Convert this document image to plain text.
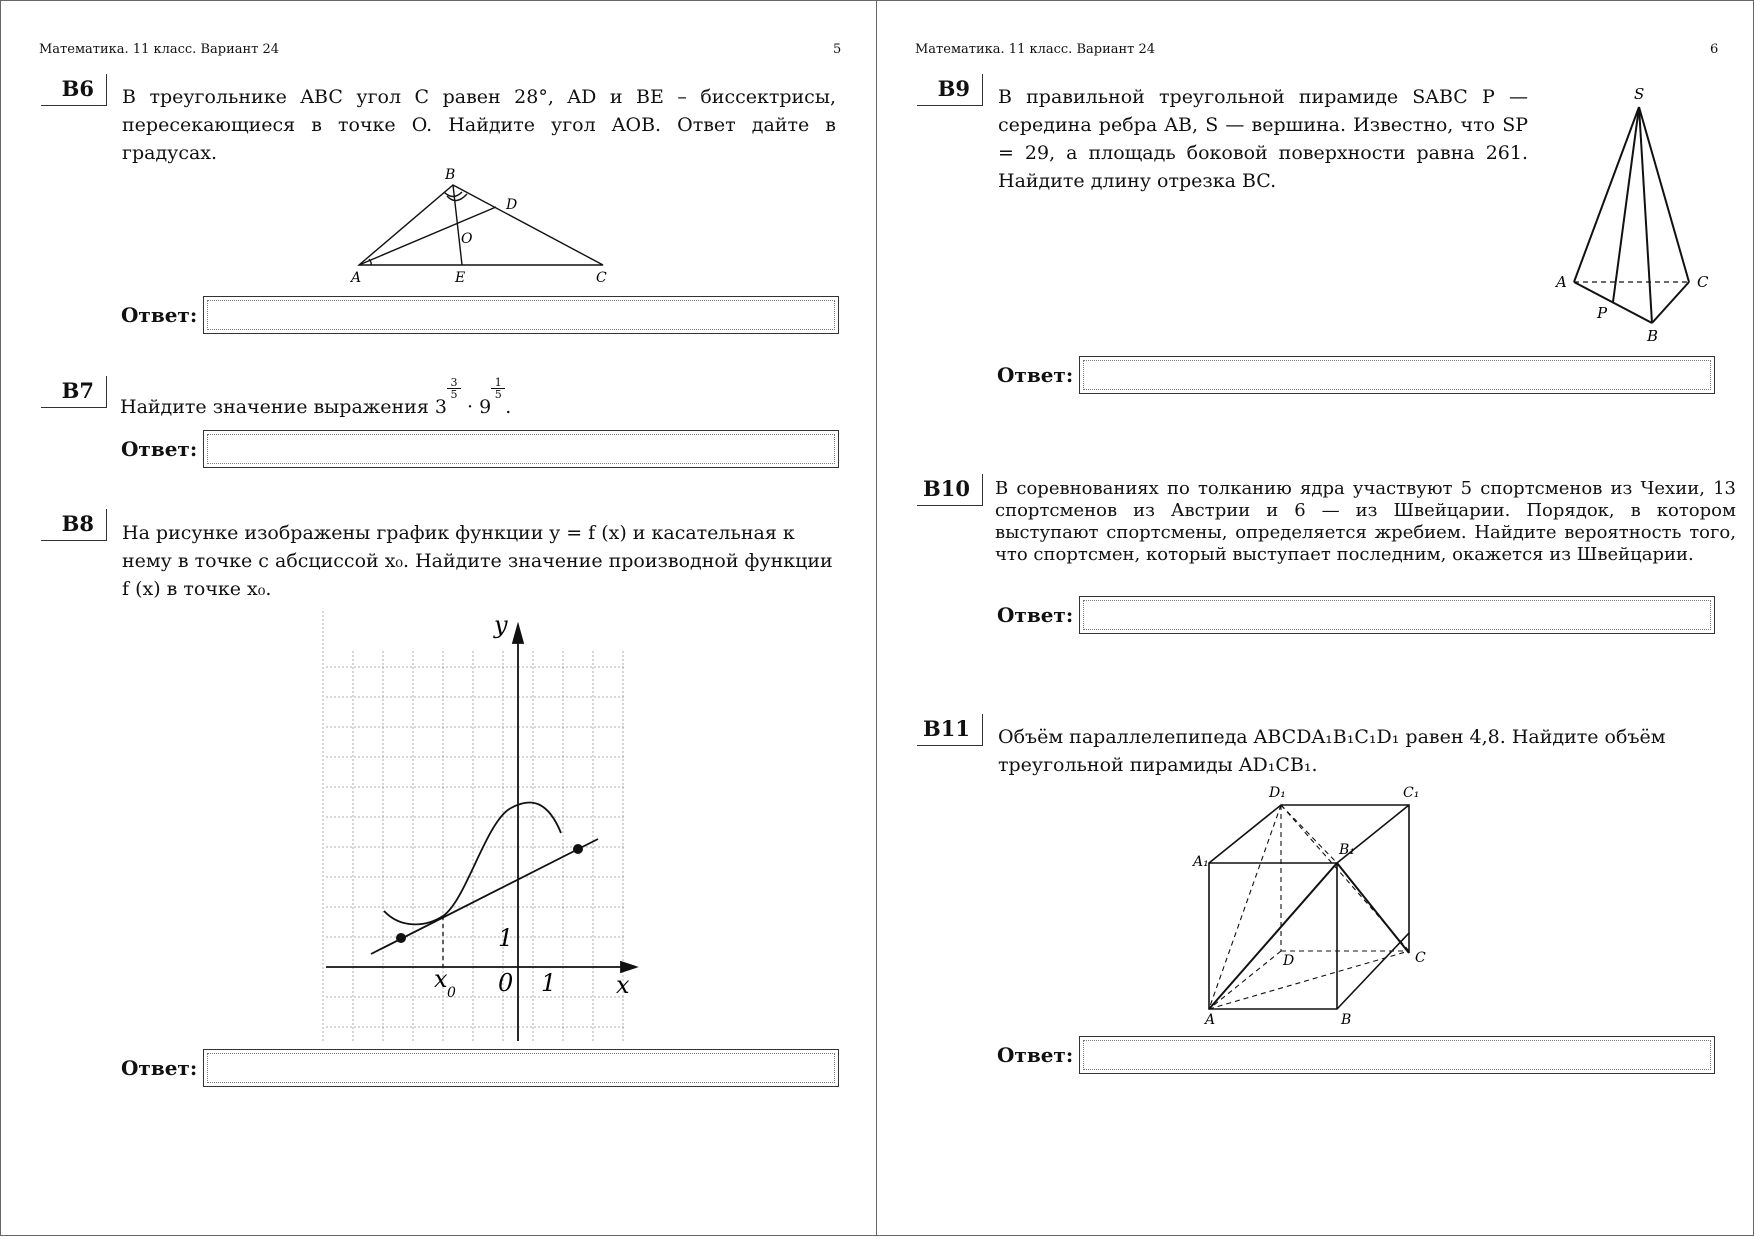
Математика. 11 класс. Вариант 24	5
B6	В треугольнике ABC угол C равен 28°, AD и BE – биссектрисы, пересекающиеся в точке O. Найдите угол AOB. Ответ дайте в градусах.
B
D
O
A	E	C
Ответ:
B7
Найдите значение выражения 3
$\frac{3}{5}$
· 9
$\frac{1}{5}$
.
Ответ:
B8	На рисунке изображены график функции y = f (x) и касательная к
нему в точке с абсциссой x₀. Найдите значение производной функции
f (x) в точке x₀.
y
x
x 0 0 1
1
Ответ:
Математика. 11 класс. Вариант 24	6
B9	В правильной треугольной пирамиде SABC P — середина ребра AB, S — вершина. Известно, что SP = 29, а площадь боковой поверхности равна 261. Найдите длину отрезка BC.
S
A	C
P
B
Ответ:
B10	В соревнованиях по толканию ядра участвуют 5 спортсменов из Чехии, 13 спортсменов из Австрии и 6 — из Швейцарии. Порядок, в котором выступают спортсмены, определяется жребием. Найдите вероятность того, что спортсмен, который выступает последним, окажется из Швейцарии.
Ответ:
B11	Объём параллелепипеда ABCDA₁B₁C₁D₁ равен 4,8. Найдите объём
треугольной пирамиды AD₁CB₁.
D₁	C₁
A₁
B₁
D	C
A	B
Ответ:
